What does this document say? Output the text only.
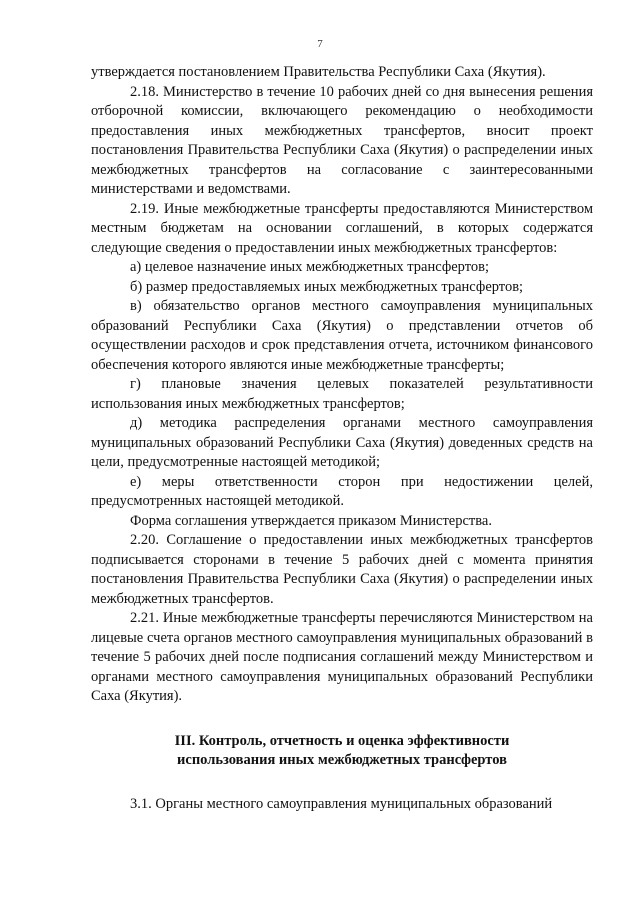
7

утверждается постановлением Правительства Республики Саха (Якутия).

2.18. Министерство в течение 10 рабочих дней со дня вынесения решения отборочной комиссии, включающего рекомендацию о необходимости предоставления иных межбюджетных трансфертов, вносит проект постановления Правительства Республики Саха (Якутия) о распределении иных межбюджетных трансфертов на согласование с заинтересованными министерствами и ведомствами.

2.19. Иные межбюджетные трансферты предоставляются Министерством местным бюджетам на основании соглашений, в которых содержатся следующие сведения о предоставлении иных межбюджетных трансфертов:

а) целевое назначение иных межбюджетных трансфертов;

б) размер предоставляемых иных межбюджетных трансфертов;

в) обязательство органов местного самоуправления муниципальных образований Республики Саха (Якутия) о представлении отчетов об осуществлении расходов и срок представления отчета, источником финансового обеспечения которого являются иные межбюджетные трансферты;

г) плановые значения целевых показателей результативности использования иных межбюджетных трансфертов;

д) методика распределения органами местного самоуправления муниципальных образований Республики Саха (Якутия) доведенных средств на цели, предусмотренные настоящей методикой;

е) меры ответственности сторон при недостижении целей, предусмотренных настоящей методикой.

Форма соглашения утверждается приказом Министерства.

2.20. Соглашение о предоставлении иных межбюджетных трансфертов подписывается сторонами в течение 5 рабочих дней с момента принятия постановления Правительства Республики Саха (Якутия) о распределении иных межбюджетных трансфертов.

2.21. Иные межбюджетные трансферты перечисляются Министерством на лицевые счета органов местного самоуправления муниципальных образований в течение 5 рабочих дней после подписания соглашений между Министерством и органами местного самоуправления муниципальных образований Республики Саха (Якутия).

III. Контроль, отчетность и оценка эффективности
использования иных межбюджетных трансфертов

3.1. Органы местного самоуправления муниципальных образований
